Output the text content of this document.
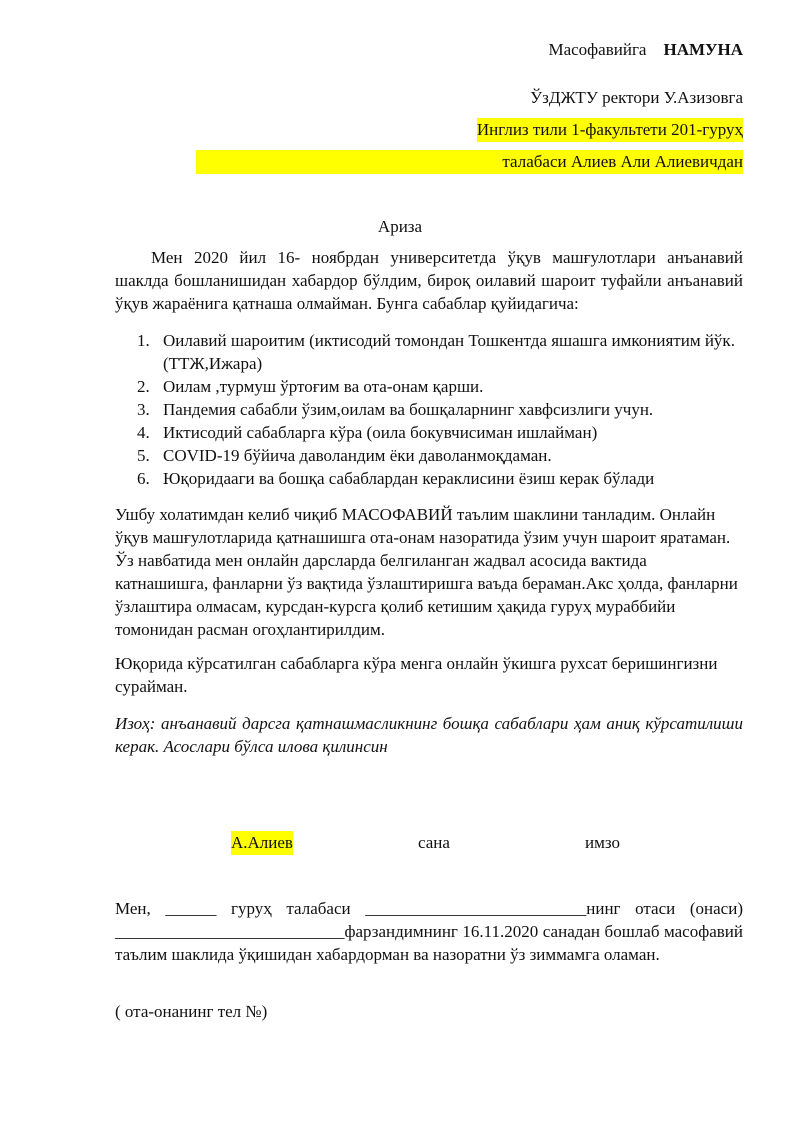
Масофавийга НАМУНА
ЎзДЖТУ ректори У.Азизовга
Инглиз тили 1-факультети 201-гуруҳ
талабаси Алиев Али Алиевичдан
Ариза
Мен 2020 йил 16- ноябрдан университетда ўқув машғулотлари анъанавий шаклда бошланишидан хабардор бўлдим, бироқ оилавий шароит туфайли анъанавий ўқув жараёнига қатнаша олмайман. Бунга сабаблар қуйидагича:
1. Оилавий шароитим (иктисодий томондан Тошкентда яшашга имкониятим йўк. (ТТЖ,Ижара)
2. Оилам ,турмуш ўртоғим ва ота-онам қарши.
3. Пандемия сабабли ўзим,оилам ва бошқаларнинг хавфсизлиги учун.
4. Иктисодий сабабларга кўра (оила бокувчисиман ишлайман)
5. COVID-19 бўйича даволандим ёки даволанмоқдаман.
6. Юқоридааги ва бошқа сабаблардан кераклисини ёзиш керак бўлади
Ушбу холатимдан келиб чиқиб МАСОФАВИЙ таълим шаклини танладим. Онлайн ўқув машғулотларида қатнашишга ота-онам назоратида ўзим учун шароит яратаман. Ўз навбатида мен онлайн дарсларда белгиланган жадвал асосида вактида катнашишга, фанларни ўз вақтида ўзлаштиришга ваъда бераман.Акс ҳолда, фанларни ўзлаштира олмасам, курсдан-курсга қолиб кетишим ҳақида гуруҳ мураббийи томонидан расман огоҳлантирилдим.
Юқорида кўрсатилган сабабларга кўра менга онлайн ўкишга рухсат беришингизни сурайман.
Изоҳ: анъанавий дарсга қатнашмасликнинг бошқа сабаблари ҳам аниқ кўрсатилиши керак. Асослари бўлса илова қилинсин
А.Алиев	сана	имзо
Мен, ______ гуруҳ талабаси __________________________нинг отаси (онаси) ___________________________фарзандимнинг 16.11.2020 санадан бошлаб масофавий таълим шаклида ўқишидан хабардорман ва назоратни ўз зиммамга оламан.
( ота-онанинг тел №)
